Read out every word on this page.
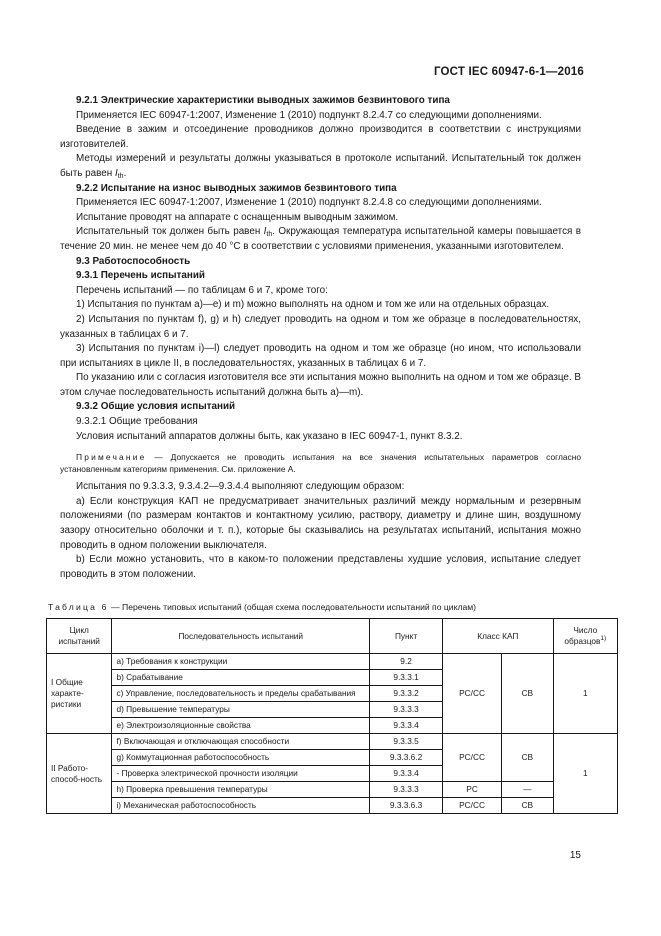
ГОСТ IEC 60947-6-1—2016

9.2.1 Электрические характеристики выводных зажимов безвинтового типа

Применяется IEC 60947-1:2007, Изменение 1 (2010) подпункт 8.2.4.7 со следующими дополнениями.

Введение в зажим и отсоединение проводников должно производится в соответствии с инструкциями изготовителей.

Методы измерений и результаты должны указываться в протоколе испытаний. Испытательный ток должен быть равен $I_{th}$.

9.2.2 Испытание на износ выводных зажимов безвинтового типа

Применяется IEC 60947-1:2007, Изменение 1 (2010) подпункт 8.2.4.8 со следующими дополнениями.

Испытание проводят на аппарате с оснащенным выводным зажимом.

Испытательный ток должен быть равен $I_{th}$. Окружающая температура испытательной камеры повышается в течение 20 мин. не менее чем до 40 °C в соответствии с условиями применения, указанными изготовителем.

9.3 Работоспособность

9.3.1 Перечень испытаний

Перечень испытаний — по таблицам 6 и 7, кроме того:

1) Испытания по пунктам a)—e) и m) можно выполнять на одном и том же или на отдельных образцах.

2) Испытания по пунктам f), g) и h) следует проводить на одном и том же образце в последовательностях, указанных в таблицах 6 и 7.

3) Испытания по пунктам i)—l) следует проводить на одном и том же образце (но ином, что использовали при испытаниях в цикле II, в последовательностях, указанных в таблицах 6 и 7.

По указанию или с согласия изготовителя все эти испытания можно выполнить на одном и том же образце. В этом случае последовательность испытаний должна быть a)—m).

9.3.2 Общие условия испытаний

9.3.2.1 Общие требования

Условия испытаний аппаратов должны быть, как указано в IEC 60947-1, пункт 8.3.2.

Примечание — Допускается не проводить испытания на все значения испытательных параметров согласно установленным категориям применения. См. приложение А.

Испытания по 9.3.3.3, 9.3.4.2—9.3.4.4 выполняют следующим образом:

a) Если конструкция КАП не предусматривает значительных различий между нормальным и резервным положениями (по размерам контактов и контактному усилию, раствору, диаметру и длине шин, воздушному зазору относительно оболочки и т. п.), которые бы сказывались на результатах испытаний, испытания можно проводить в одном положении выключателя.

b) Если можно установить, что в каком-то положении представлены худшие условия, испытание следует проводить в этом положении.

Таблица 6 — Перечень типовых испытаний (общая схема последовательности испытаний по циклам)
Цикл испытаний	Последовательность испытаний	Пункт	Класс КАП		Число образцов$^{1)}$
I Общие характе-ристики	a) Требования к конструкции	9.2	PC/CC	CB	1
	b) Срабатывание	9.3.3.1			
	c) Управление, последовательность и пределы срабатывания	9.3.3.2			
	d) Превышение температуры	9.3.3.3			
	e) Электроизоляционные свойства	9.3.3.4			
II Работо-способ-ность	f) Включающая и отключающая способности	9.3.3.5	PC/CC	CB	1
	g) Коммутационная работоспособность	9.3.3.6.2			
	- Проверка электрической прочности изоляции	9.3.3.4			
	h) Проверка превышения температуры	9.3.3.3	PC	—	
	i) Механическая работоспособность	9.3.3.6.3	PC/CC	CB	
15
